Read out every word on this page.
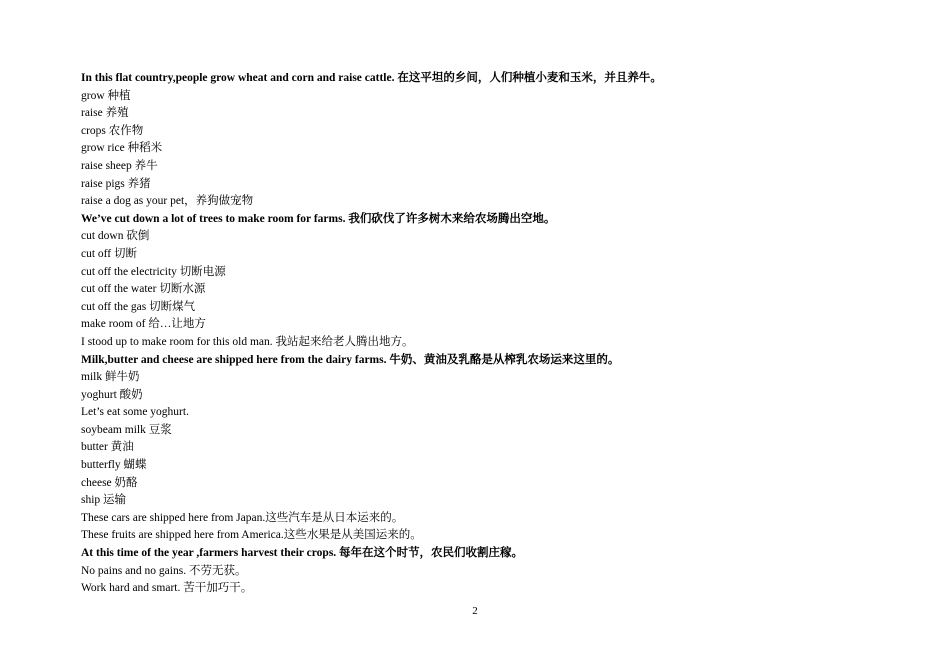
In this flat country,people grow wheat and corn and raise cattle. 在这平坦的乡间，人们种植小麦和玉米，并且养牛。
grow 种植
raise 养殖
crops 农作物
grow rice 种稻米
raise sheep 养牛
raise pigs 养猪
raise a dog as your pet，养狗做宠物
We’ve cut down a lot of trees to make room for farms. 我们砍伐了许多树木来给农场腾出空地。
cut down 砍倒
cut off 切断
cut off the electricity 切断电源
cut off the water 切断水源
cut off the gas 切断煤气
make room of 给…让地方
I stood up to make room for this old man. 我站起来给老人腾出地方。
Milk,butter and cheese are shipped here from the dairy farms. 牛奶、黄油及乳酪是从榨乳农场运来这里的。
milk 鲜牛奶
yoghurt 酸奶
Let’s eat some yoghurt.
soybeam milk 豆浆
butter 黄油
butterfly 蝴蝶
cheese 奶酪
ship 运输
These cars are shipped here from Japan.这些汽车是从日本运来的。
These fruits are shipped here from America.这些水果是从美国运来的。
At this time of the year ,farmers harvest their crops. 每年在这个时节，农民们收割庄稼。
No pains and no gains. 不劳无获。
Work hard and smart. 苦干加巧干。
2
